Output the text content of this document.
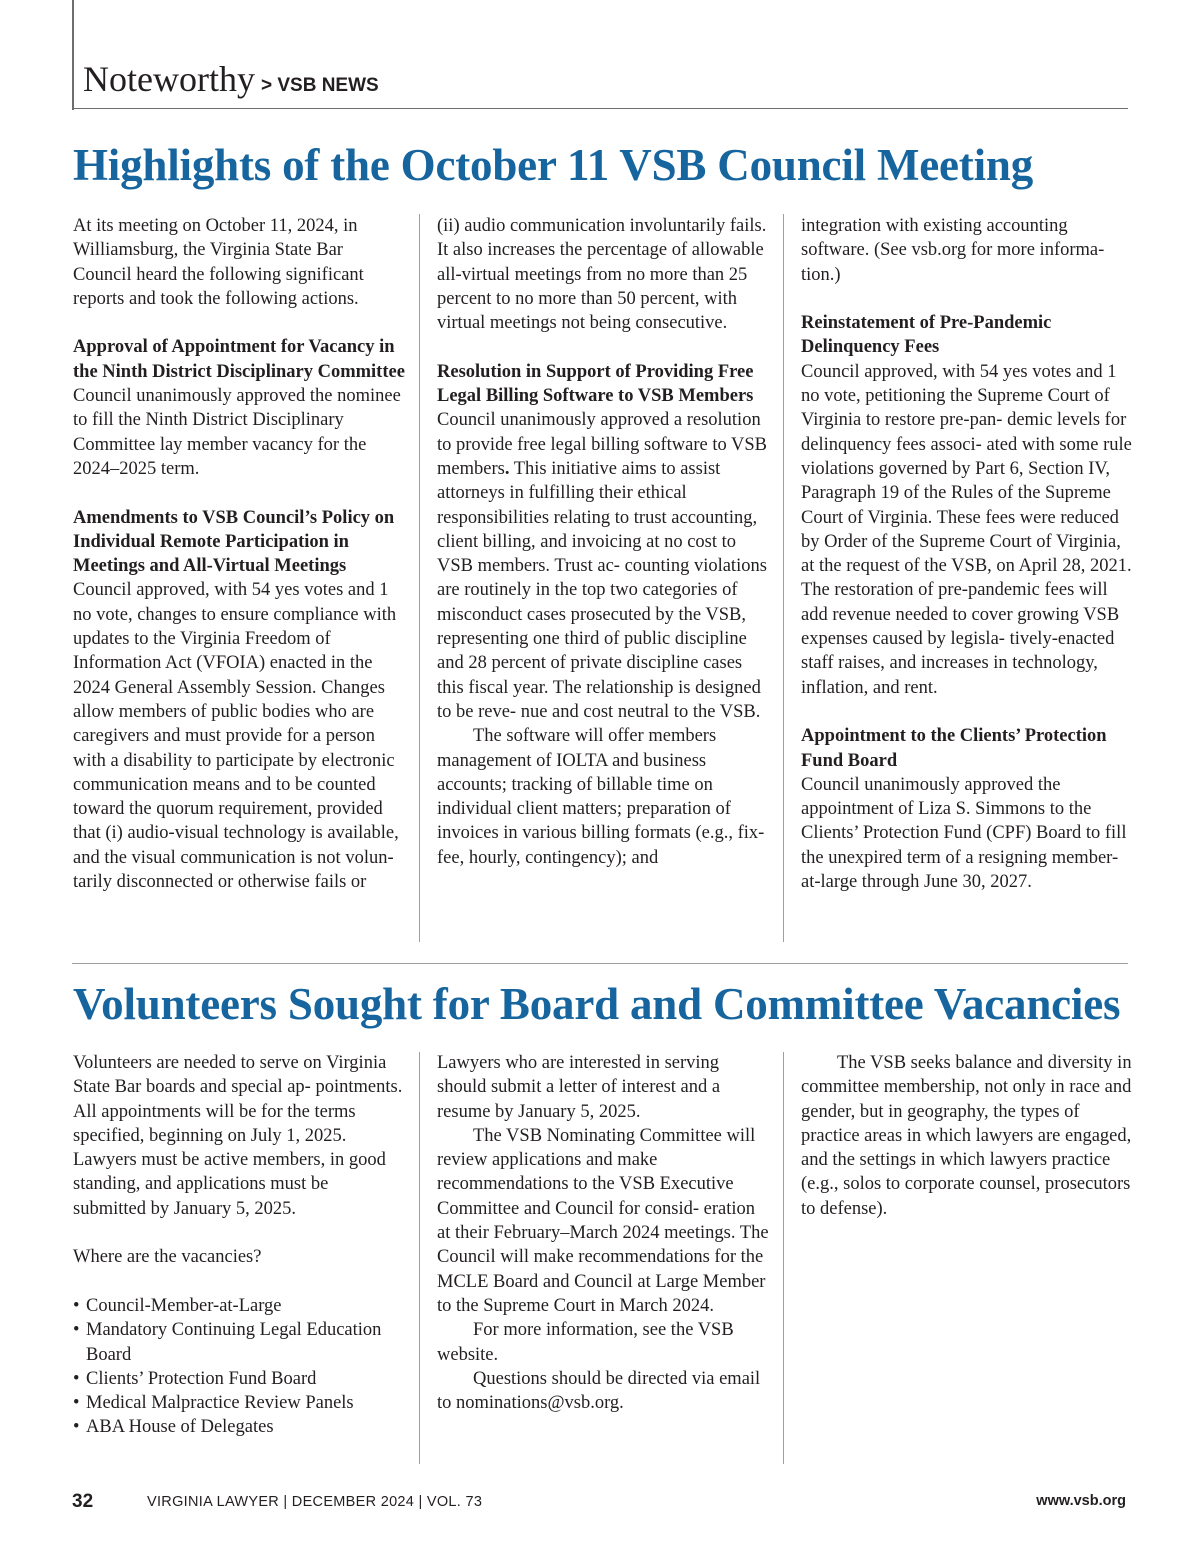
Noteworthy > VSB NEWS
Highlights of the October 11 VSB Council Meeting

At its meeting on October 11, 2024, in Williamsburg, the Virginia State Bar Council heard the following significant reports and took the following actions.

Approval of Appointment for Vacancy in the Ninth District Disciplinary Committee

Council unanimously approved the nominee to fill the Ninth District Disciplinary Committee lay member vacancy for the 2024–2025 term.

Amendments to VSB Council’s Policy on Individual Remote Participation in Meetings and All-Virtual Meetings

Council approved, with 54 yes votes and 1 no vote, changes to ensure compliance with updates to the Virginia Freedom of Information Act (VFOIA) enacted in the 2024 General Assembly Session. Changes allow members of public bodies who are caregivers and must provide for a person with a disability to participate by electronic communication means and to be counted toward the quorum requirement, provided that (i) audio-visual technology is available, and the visual communication is not volun- tarily disconnected or otherwise fails or

(ii) audio communication involuntarily fails. It also increases the percentage of allowable all-virtual meetings from no more than 25 percent to no more than 50 percent, with virtual meetings not being consecutive.

Resolution in Support of Providing Free Legal Billing Software to VSB Members

Council unanimously approved a resolution to provide free legal billing software to VSB members. This initiative aims to assist attorneys in fulfilling their ethical responsibilities relating to trust accounting, client billing, and invoicing at no cost to VSB members. Trust ac- counting violations are routinely in the top two categories of misconduct cases prosecuted by the VSB, representing one third of public discipline and 28 percent of private discipline cases this fiscal year. The relationship is designed to be reve- nue and cost neutral to the VSB.

The software will offer members management of IOLTA and business accounts; tracking of billable time on individual client matters; preparation of invoices in various billing formats (e.g., fix-fee, hourly, contingency); and

integration with existing accounting software. (See vsb.org for more informa- tion.)

Reinstatement of Pre-Pandemic Delinquency Fees

Council approved, with 54 yes votes and 1 no vote, petitioning the Supreme Court of Virginia to restore pre-pan- demic levels for delinquency fees associ- ated with some rule violations governed by Part 6, Section IV, Paragraph 19 of the Rules of the Supreme Court of Virginia. These fees were reduced by Order of the Supreme Court of Virginia, at the request of the VSB, on April 28, 2021. The restoration of pre-pandemic fees will add revenue needed to cover growing VSB expenses caused by legisla- tively-enacted staff raises, and increases in technology, inflation, and rent.

Appointment to the Clients’ Protection Fund Board

Council unanimously approved the appointment of Liza S. Simmons to the Clients’ Protection Fund (CPF) Board to fill the unexpired term of a resigning member-at-large through June 30, 2027.

Volunteers Sought for Board and Committee Vacancies

Volunteers are needed to serve on Virginia State Bar boards and special ap- pointments. All appointments will be for the terms specified, beginning on July 1, 2025. Lawyers must be active members, in good standing, and applications must be submitted by January 5, 2025.

Where are the vacancies?

• Council-Member-at-Large
• Mandatory Continuing Legal Education Board
• Clients’ Protection Fund Board
• Medical Malpractice Review Panels
• ABA House of Delegates

Lawyers who are interested in serving should submit a letter of interest and a resume by January 5, 2025.

The VSB Nominating Committee will review applications and make recommendations to the VSB Executive Committee and Council for consid- eration at their February–March 2024 meetings. The Council will make recommendations for the MCLE Board and Council at Large Member to the Supreme Court in March 2024.

For more information, see the VSB website.

Questions should be directed via email to nominations@vsb.org.

The VSB seeks balance and diversity in committee membership, not only in race and gender, but in geography, the types of practice areas in which lawyers are engaged, and the settings in which lawyers practice (e.g., solos to corporate counsel, prosecutors to defense).

32	VIRGINIA LAWYER | DECEMBER 2024 | VOL. 73	www.vsb.org
